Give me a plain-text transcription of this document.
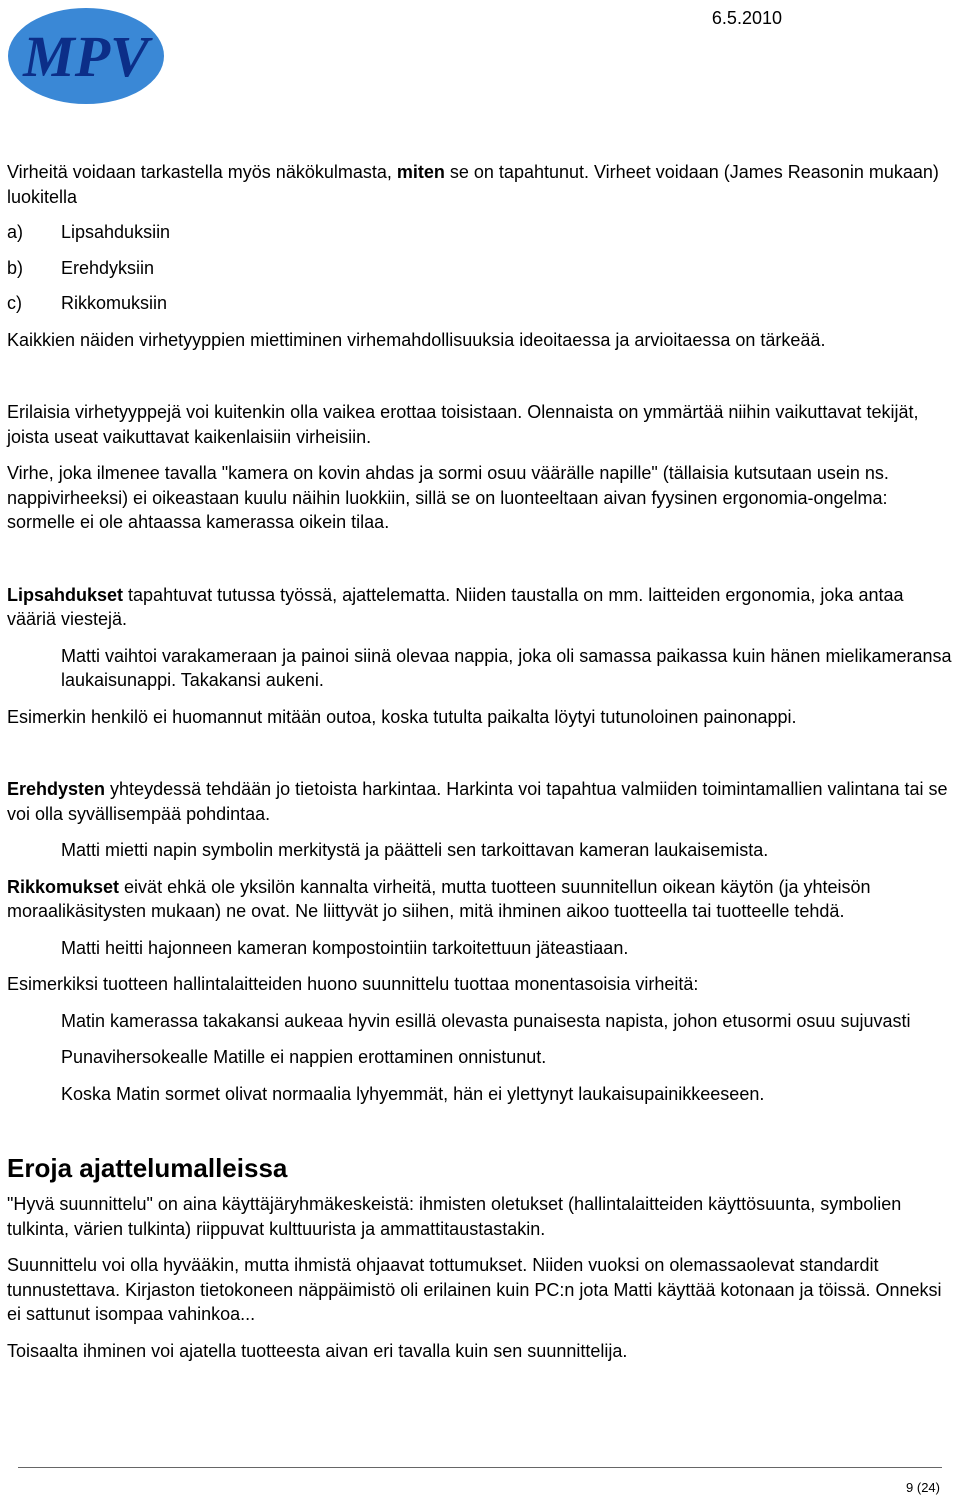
MPV
6.5.2010

Virheitä voidaan tarkastella myös näkökulmasta, miten se on tapahtunut. Virheet voidaan (James Reasonin mukaan) luokitella

a)	Lipsahduksiin
b)	Erehdyksiin
c)	Rikkomuksiin

Kaikkien näiden virhetyyppien miettiminen virhemahdollisuuksia ideoitaessa ja arvioitaessa on tärkeää.

Erilaisia virhetyyppejä voi kuitenkin olla vaikea erottaa toisistaan. Olennaista on ymmärtää niihin vaikuttavat tekijät, joista useat vaikuttavat kaikenlaisiin virheisiin.

Virhe, joka ilmenee tavalla "kamera on kovin ahdas ja sormi osuu väärälle napille" (tällaisia kutsutaan usein ns. nappivirheeksi) ei oikeastaan kuulu näihin luokkiin, sillä se on luonteeltaan aivan fyysinen ergonomia-ongelma: sormelle ei ole ahtaassa kamerassa oikein tilaa.

Lipsahdukset tapahtuvat tutussa työssä, ajattelematta. Niiden taustalla on mm. laitteiden ergonomia, joka antaa vääriä viestejä.

Matti vaihtoi varakameraan ja painoi siinä olevaa nappia, joka oli samassa paikassa kuin hänen mielikameransa laukaisunappi. Takakansi aukeni.

Esimerkin henkilö ei huomannut mitään outoa, koska tutulta paikalta löytyi tutunoloinen painonappi.

Erehdysten yhteydessä tehdään jo tietoista harkintaa. Harkinta voi tapahtua valmiiden toimintamallien valintana tai se voi olla syvällisempää pohdintaa.

Matti mietti napin symbolin merkitystä ja päätteli sen tarkoittavan kameran laukaisemista.

Rikkomukset eivät ehkä ole yksilön kannalta virheitä, mutta tuotteen suunnitellun oikean käytön (ja yhteisön moraalikäsitysten mukaan) ne ovat. Ne liittyvät jo siihen, mitä ihminen aikoo tuotteella tai tuotteelle tehdä.

Matti heitti hajonneen kameran kompostointiin tarkoitettuun jäteastiaan.

Esimerkiksi tuotteen hallintalaitteiden huono suunnittelu tuottaa monentasoisia virheitä:

Matin kamerassa takakansi aukeaa hyvin esillä olevasta punaisesta napista, johon etusormi osuu sujuvasti

Punavihersokealle Matille ei nappien erottaminen onnistunut.

Koska Matin sormet olivat normaalia lyhyemmät, hän ei ylettynyt laukaisupainikkeeseen.

Eroja ajattelumalleissa

"Hyvä suunnittelu" on aina käyttäjäryhmäkeskeistä: ihmisten oletukset (hallintalaitteiden käyttösuunta, symbolien tulkinta, värien tulkinta) riippuvat kulttuurista ja ammattitaustastakin.

Suunnittelu voi olla hyvääkin, mutta ihmistä ohjaavat tottumukset. Niiden vuoksi on olemassaolevat standardit tunnustettava. Kirjaston tietokoneen näppäimistö oli erilainen kuin PC:n jota Matti käyttää kotonaan ja töissä. Onneksi ei sattunut isompaa vahinkoa...

Toisaalta ihminen voi ajatella tuotteesta aivan eri tavalla kuin sen suunnittelija.

9 (24)
